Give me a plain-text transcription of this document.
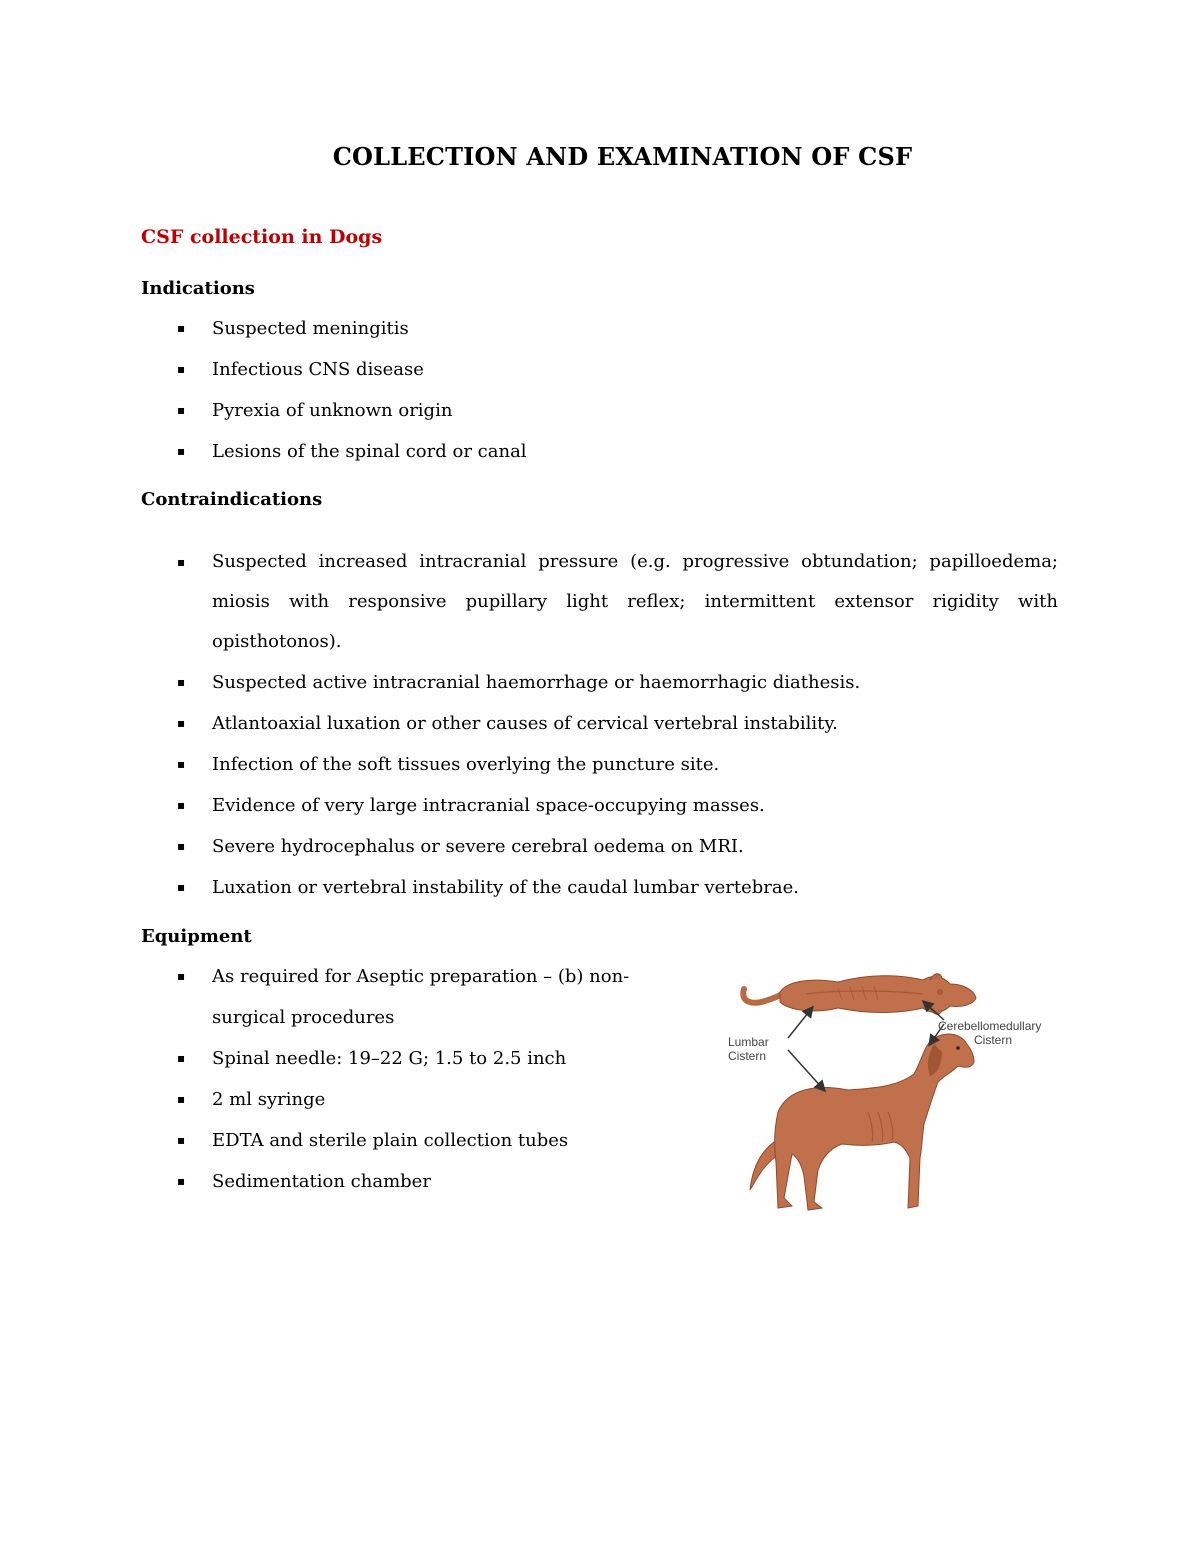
COLLECTION AND EXAMINATION OF CSF
CSF collection in Dogs
Indications
▪
Suspected meningitis
▪
Infectious CNS disease
▪
Pyrexia of unknown origin
▪
Lesions of the spinal cord or canal
Contraindications
▪
Suspected increased intracranial pressure (e.g. progressive obtundation; papilloedema; miosis with responsive pupillary light reflex; intermittent extensor rigidity with opisthotonos).
▪
Suspected active intracranial haemorrhage or haemorrhagic diathesis.
▪
Atlantoaxial luxation or other causes of cervical vertebral instability.
▪
Infection of the soft tissues overlying the puncture site.
▪
Evidence of very large intracranial space-occupying masses.
▪
Severe hydrocephalus or severe cerebral oedema on MRI.
▪
Luxation or vertebral instability of the caudal lumbar vertebrae.
Equipment
▪
As required for Aseptic preparation – (b) non-surgical procedures
▪
Spinal needle: 19–22 G; 1.5 to 2.5 inch
▪
2 ml syringe
▪
EDTA and sterile plain collection tubes
▪
Sedimentation chamber
Lumbar
Cistern
Cerebellomedullary
Cistern
